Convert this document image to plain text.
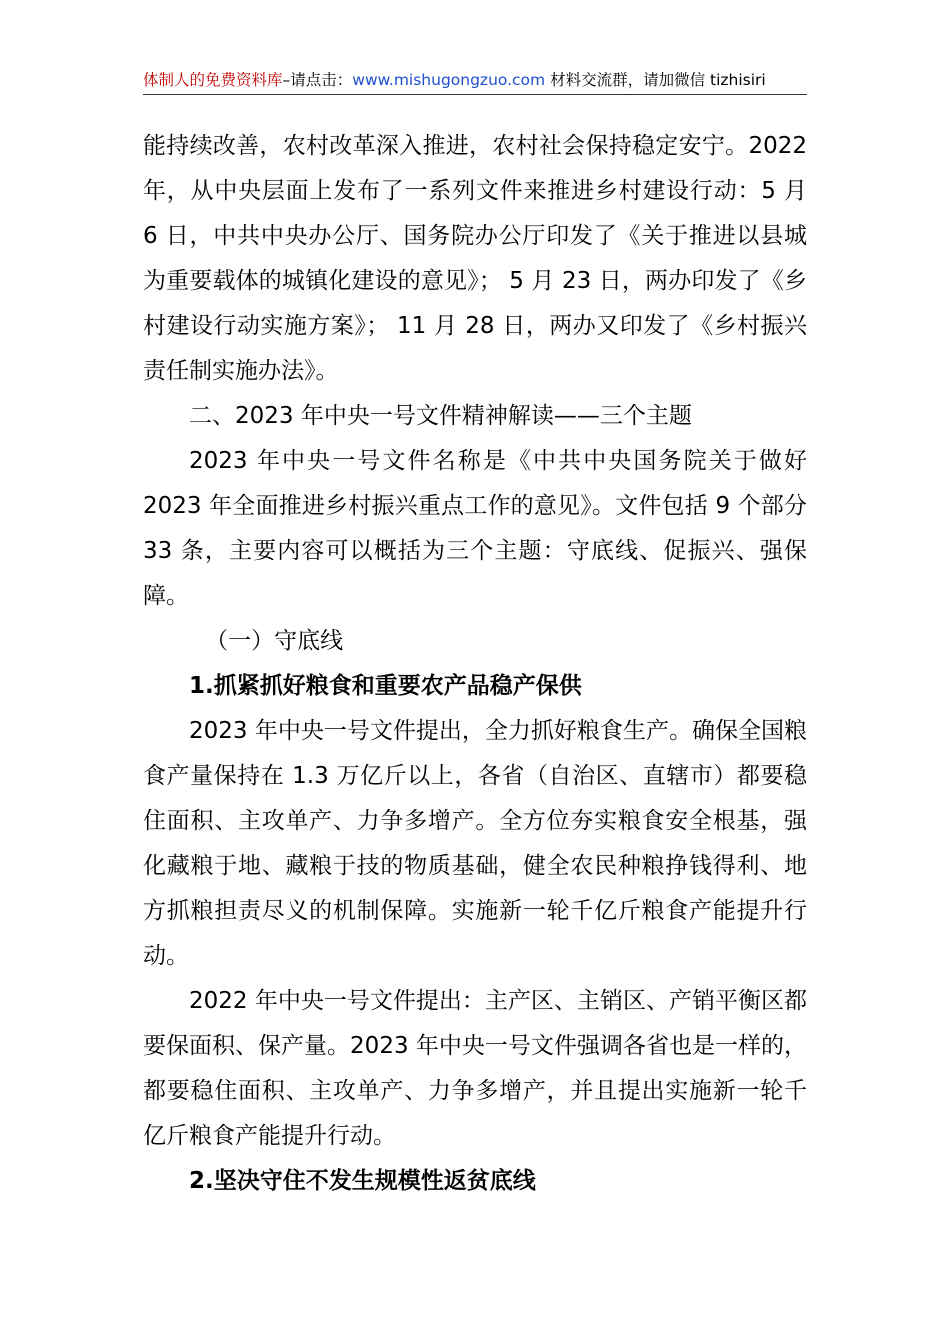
体制人的免费资料库–请点击：www.mishugongzuo.com 材料交流群，请加微信 tizhisiri

能持续改善，农村改革深入推进，农村社会保持稳定安宁。2022 年，从中央层面上发布了一系列文件来推进乡村建设行动：5 月 6 日，中共中央办公厅、国务院办公厅印发了《关于推进以县城为重要载体的城镇化建设的意见》； 5 月 23 日，两办印发了《乡村建设行动实施方案》； 11 月 28 日，两办又印发了《乡村振兴责任制实施办法》。

二、2023 年中央一号文件精神解读——三个主题

2023 年中央一号文件名称是《中共中央国务院关于做好 2023 年全面推进乡村振兴重点工作的意见》。文件包括 9 个部分 33 条，主要内容可以概括为三个主题：守底线、促振兴、强保障。

（一）守底线

1.抓紧抓好粮食和重要农产品稳产保供

2023 年中央一号文件提出，全力抓好粮食生产。确保全国粮食产量保持在 1.3 万亿斤以上，各省（自治区、直辖市）都要稳住面积、主攻单产、力争多增产。全方位夯实粮食安全根基，强化藏粮于地、藏粮于技的物质基础，健全农民种粮挣钱得利、地方抓粮担责尽义的机制保障。实施新一轮千亿斤粮食产能提升行动。

2022 年中央一号文件提出：主产区、主销区、产销平衡区都要保面积、保产量。2023 年中央一号文件强调各省也是一样的，都要稳住面积、主攻单产、力争多增产，并且提出实施新一轮千亿斤粮食产能提升行动。

2.坚决守住不发生规模性返贫底线
